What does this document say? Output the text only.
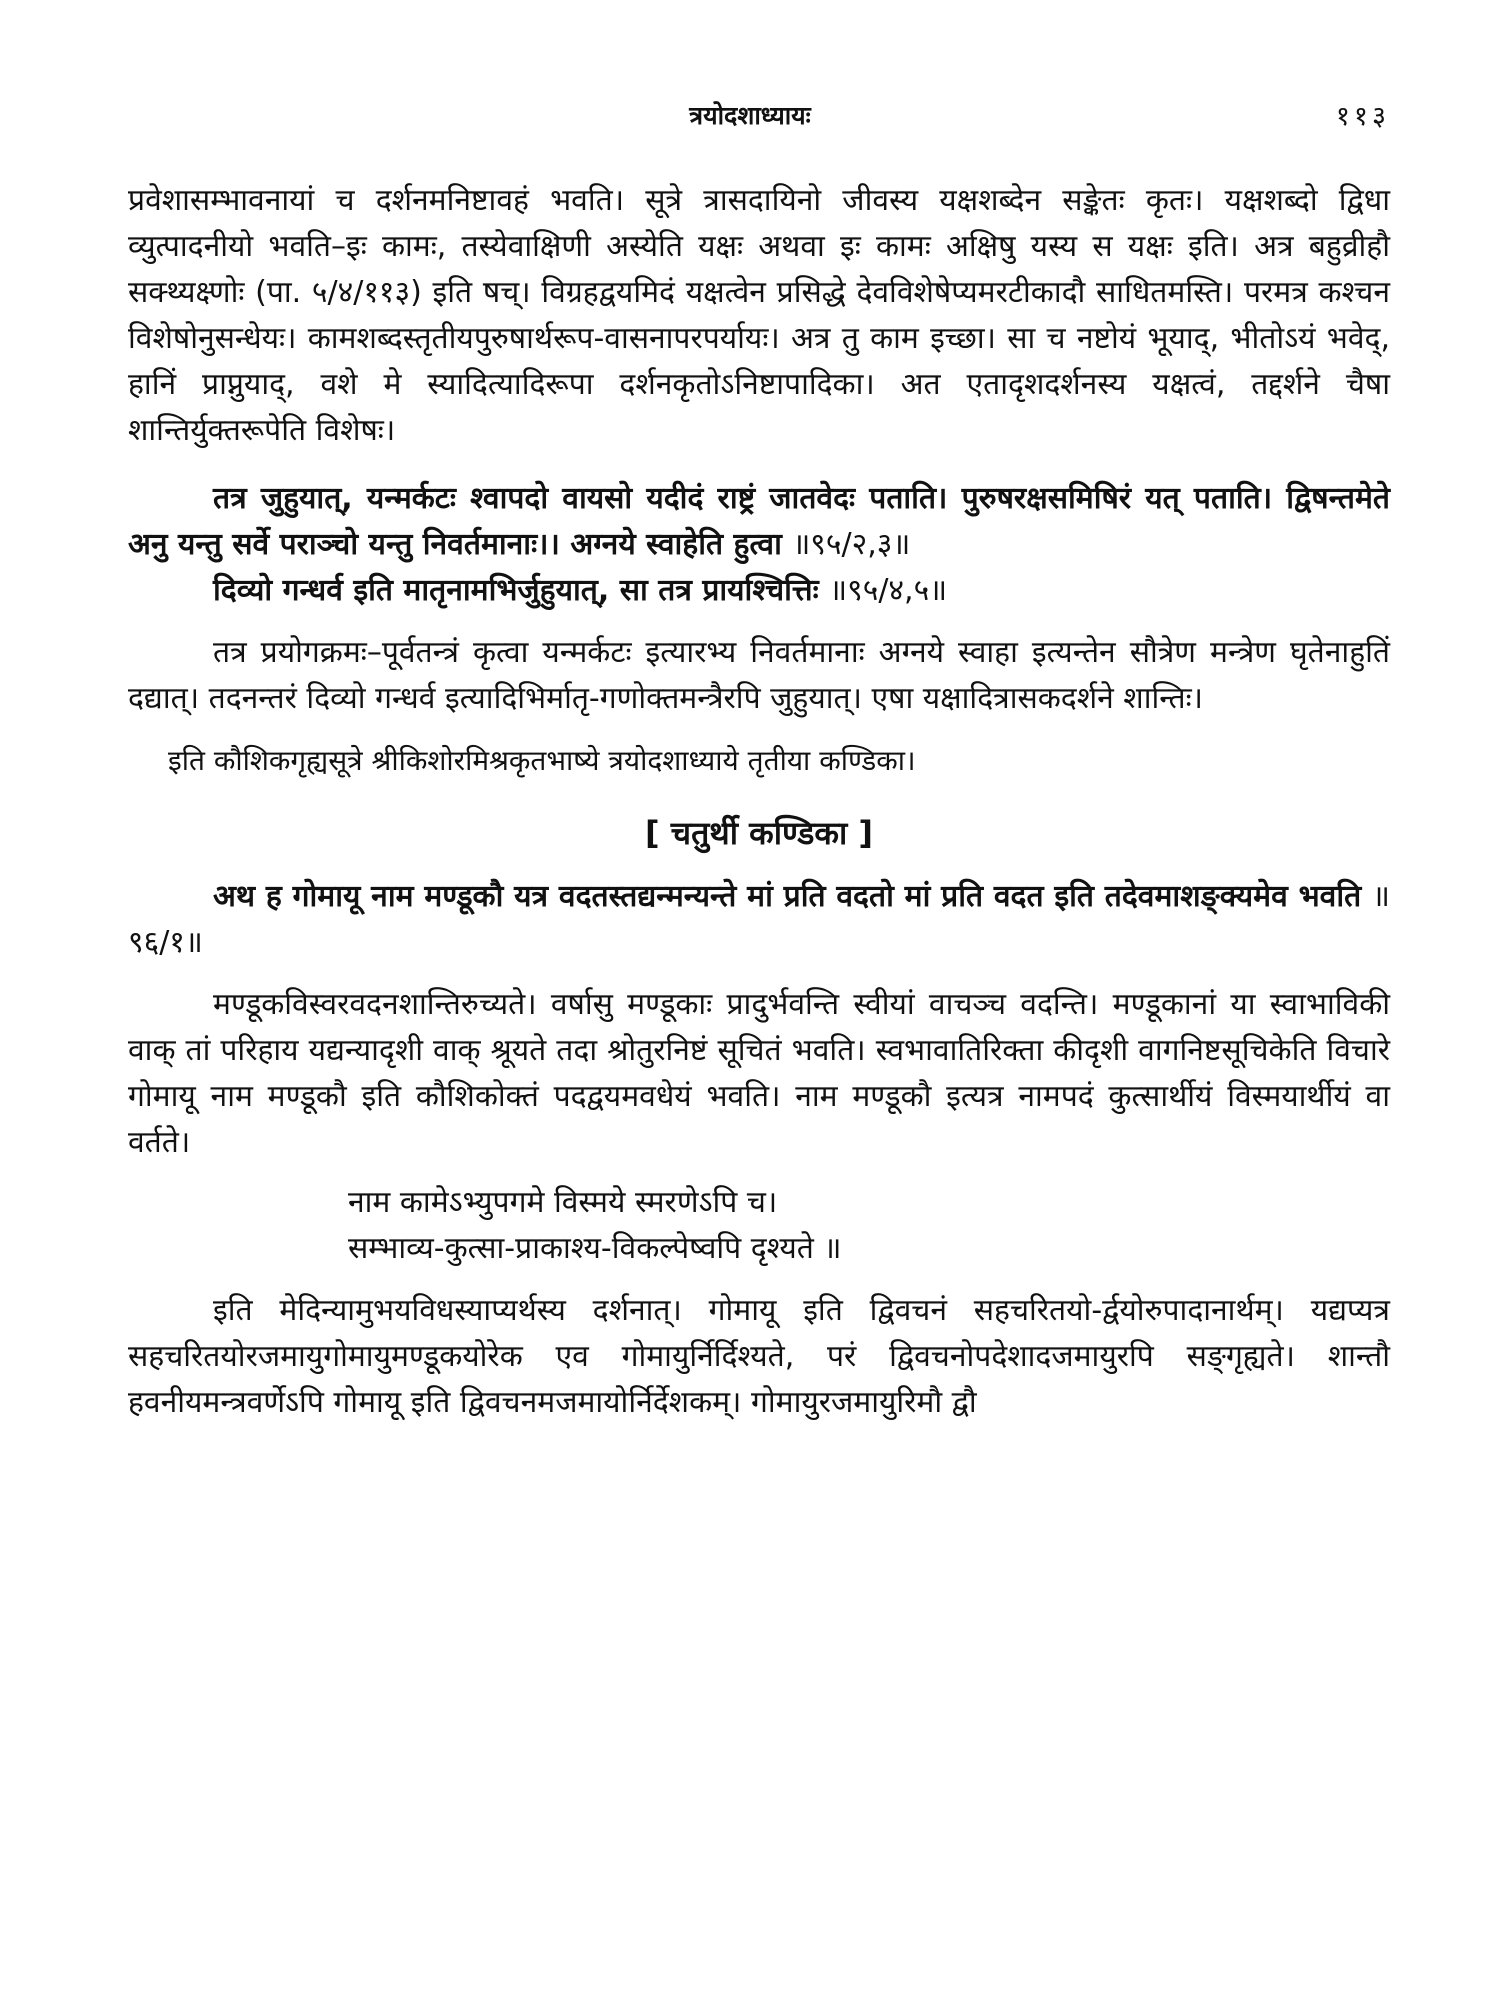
त्रयोदशाध्यायः	११३

प्रवेशासम्भावनायां च दर्शनमनिष्टावहं भवति। सूत्रे त्रासदायिनो जीवस्य यक्षशब्देन सङ्केतः कृतः। यक्षशब्दो द्विधा व्युत्पादनीयो भवति–इः कामः, तस्येवाक्षिणी अस्येति यक्षः अथवा इः कामः अक्षिषु यस्य स यक्षः इति। अत्र बहुव्रीहौ सक्थ्यक्ष्णोः (पा. ५/४/११३) इति षच्। विग्रहद्वयमिदं यक्षत्वेन प्रसिद्धे देवविशेषेप्यमरटीकादौ साधितमस्ति। परमत्र कश्चन विशेषोनुसन्धेयः। कामशब्दस्तृतीयपुरुषार्थरूप-वासनापरपर्यायः। अत्र तु काम इच्छा। सा च नष्टोयं भूयाद्, भीतोऽयं भवेद्, हानिं प्राप्नुयाद्, वशे मे स्यादित्यादिरूपा दर्शनकृतोऽनिष्टापादिका। अत एतादृशदर्शनस्य यक्षत्वं, तद्दर्शने चैषा शान्तिर्युक्तरूपेति विशेषः।

तत्र जुहुयात्, यन्मर्कटः श्वापदो वायसो यदीदं राष्ट्रं जातवेदः पताति। पुरुषरक्षसमिषिरं यत् पताति। द्विषन्तमेते अनु यन्तु सर्वे पराञ्चो यन्तु निवर्तमानाः।। अग्नये स्वाहेति हुत्वा ॥९५/२,३॥

दिव्यो गन्धर्व इति मातृनामभिर्जुहुयात्, सा तत्र प्रायश्चित्तिः ॥९५/४,५॥

तत्र प्रयोगक्रमः–पूर्वतन्त्रं कृत्वा यन्मर्कटः इत्यारभ्य निवर्तमानाः अग्नये स्वाहा इत्यन्तेन सौत्रेण मन्त्रेण घृतेनाहुतिं दद्यात्। तदनन्तरं दिव्यो गन्धर्व इत्यादिभिर्मातृ-गणोक्तमन्त्रैरपि जुहुयात्। एषा यक्षादित्रासकदर्शने शान्तिः।

इति कौशिकगृह्यसूत्रे श्रीकिशोरमिश्रकृतभाष्ये त्रयोदशाध्याये तृतीया कण्डिका।

[ चतुर्थी कण्डिका ]

अथ ह गोमायू नाम मण्डूकौ यत्र वदतस्तद्यन्मन्यन्ते मां प्रति वदतो मां प्रति वदत इति तदेवमाशङ्क्यमेव भवति ॥९६/१॥

मण्डूकविस्वरवदनशान्तिरुच्यते। वर्षासु मण्डूकाः प्रादुर्भवन्ति स्वीयां वाचञ्च वदन्ति। मण्डूकानां या स्वाभाविकी वाक् तां परिहाय यद्यन्यादृशी वाक् श्रूयते तदा श्रोतुरनिष्टं सूचितं भवति। स्वभावातिरिक्ता कीदृशी वागनिष्टसूचिकेति विचारे गोमायू नाम मण्डूकौ इति कौशिकोक्तं पदद्वयमवधेयं भवति। नाम मण्डूकौ इत्यत्र नामपदं कुत्सार्थीयं विस्मयार्थीयं वा वर्तते।

नाम कामेऽभ्युपगमे विस्मये स्मरणेऽपि च।
सम्भाव्य-कुत्सा-प्राकाश्य-विकल्पेष्वपि दृश्यते ॥

इति मेदिन्यामुभयविधस्याप्यर्थस्य दर्शनात्। गोमायू इति द्विवचनं सहचरितयो-र्द्वयोरुपादानार्थम्। यद्यप्यत्र सहचरितयोरजमायुगोमायुमण्डूकयोरेक एव गोमायुर्निर्दिश्यते, परं द्विवचनोपदेशादजमायुरपि सङ्गृह्यते। शान्तौ हवनीयमन्त्रवर्णेऽपि गोमायू इति द्विवचनमजमायोर्निर्देशकम्। गोमायुरजमायुरिमौ द्वौ
